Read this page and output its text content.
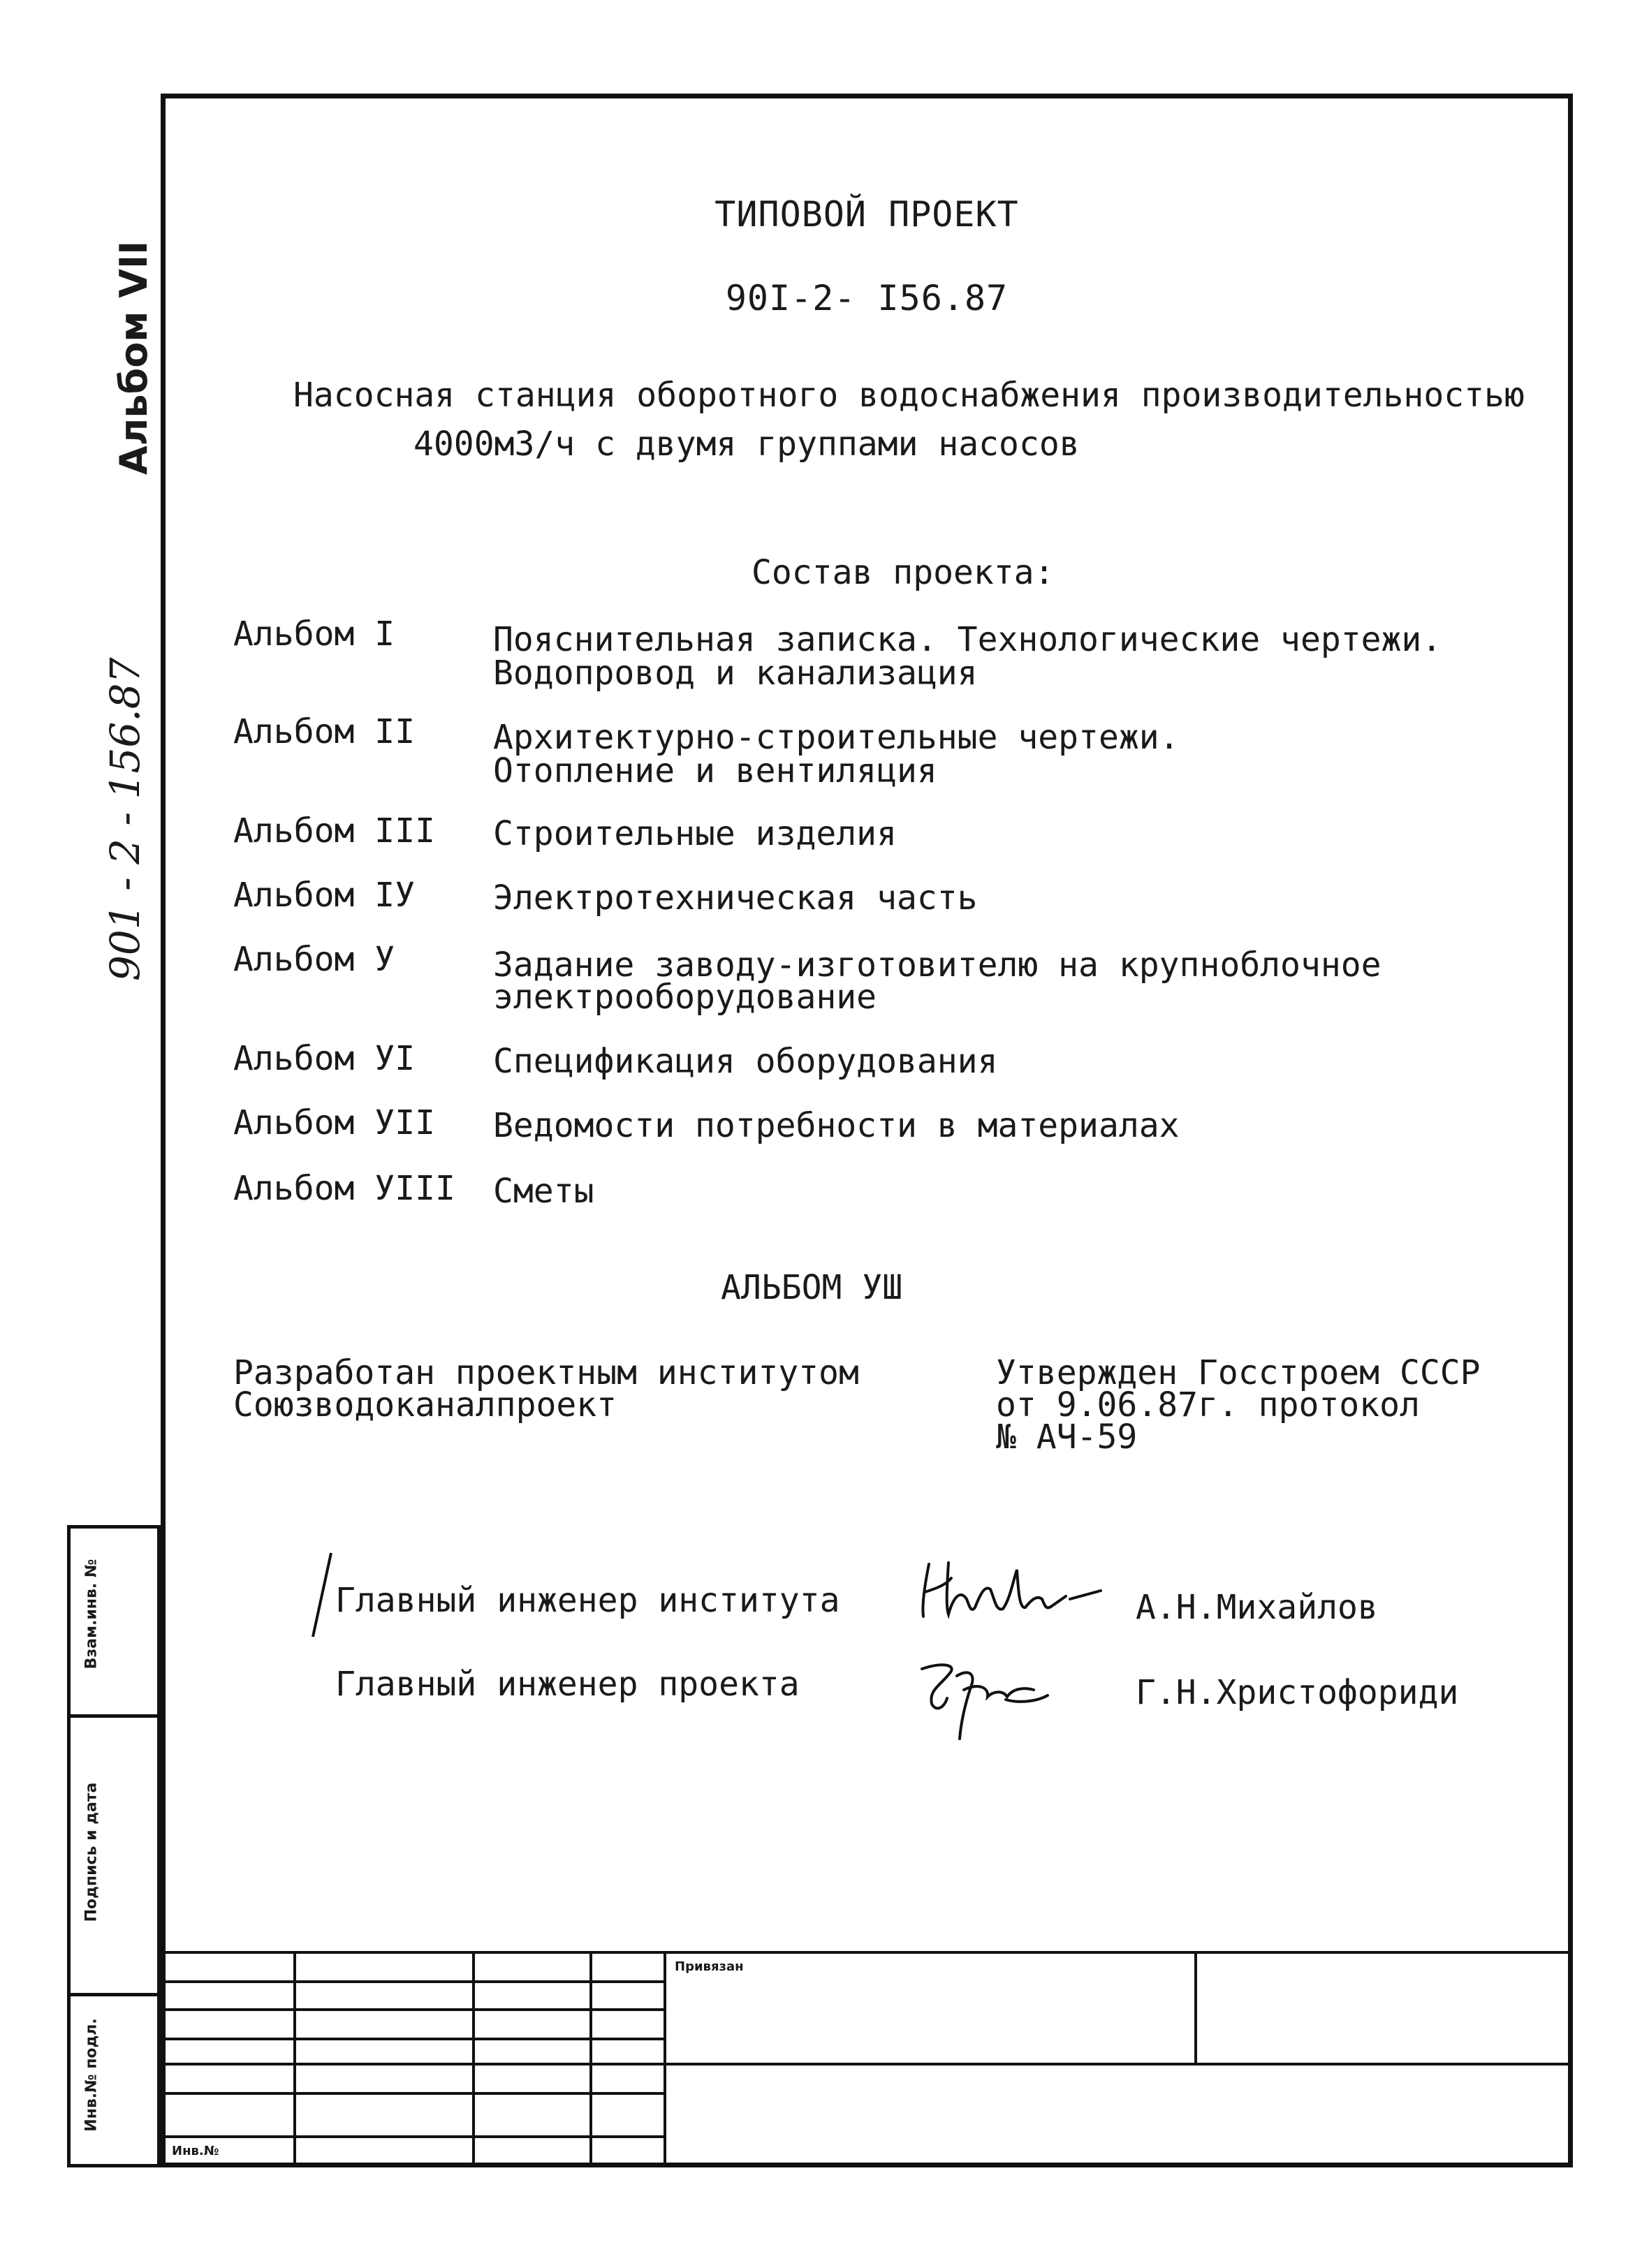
Альбом VII
901 - 2 - 156.87
ТИПОВОЙ ПРОЕКТ
90I-2- I56.87
Насосная станция оборотного водоснабжения производительностью
4000м3/ч с двумя группами насосов
Состав проекта:
Альбом I	Пояснительная записка. Технологические чертежи.
Водопровод и канализация
Альбом II Архитектурно-строительные чертежи.
Отопление и вентиляция
Альбом III Строительные изделия
Альбом IУ Электротехническая часть
Альбом У	Задание заводу-изготовителю на крупноблочное
электрооборудование
Альбом УI Спецификация оборудования
Альбом УII Ведомости потребности в материалах
Альбом УIII Сметы
АЛЬБОМ УШ
Разработан проектным институтом
Союзводоканалпроект
Утвержден Госстроем СССР
от 9.06.87г. протокол
№ АЧ-59
Главный инженер института	А.Н.Михайлов
Главный инженер проекта	Г.Н.Христофориди
Взам.инв. №
Подпись и дата
Инв.№ подл.
Привязан
Инв.№
